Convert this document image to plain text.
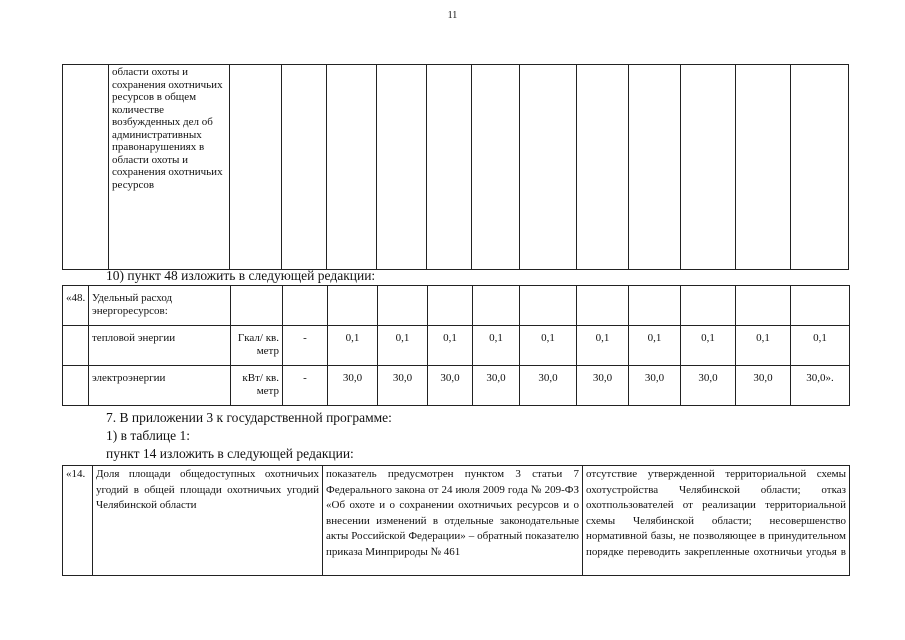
11
	области охоты и сохранения охотничьих ресурсов в общем количестве возбужденных дел об административных правонарушениях в области охоты и сохранения охотничьих ресурсов												
10) пункт 48 изложить в следующей редакции:
«48.	Удельный расход энергоресурсов:												
	тепловой энергии	Гкал/ кв. метр	-	0,1	0,1	0,1	0,1	0,1	0,1	0,1	0,1	0,1	0,1
	электроэнергии	кВт/ кв. метр	-	30,0	30,0	30,0	30,0	30,0	30,0	30,0	30,0	30,0	30,0».
7. В приложении 3 к государственной программе:
1) в таблице 1:
пункт 14 изложить в следующей редакции:
«14.	Доля площади общедоступных охотничьих угодий в общей площади охотничьих угодий Челябинской области	показатель предусмотрен пунктом 3 статьи 7 Федерального закона от 24 июля 2009 года № 209-ФЗ «Об охоте и о сохранении охотничьих ресурсов и о внесении изменений в отдельные законодательные акты Российской Федерации» – обратный показателю приказа Минприроды № 461	отсутствие утвержденной территориальной схемы охотустройства Челябинской области; отказ охотпользователей от реализации территориальной схемы Челябинской области; несовершенство нормативной базы, не позволяющее в принудительном порядке переводить закрепленные охотничьи угодья в
